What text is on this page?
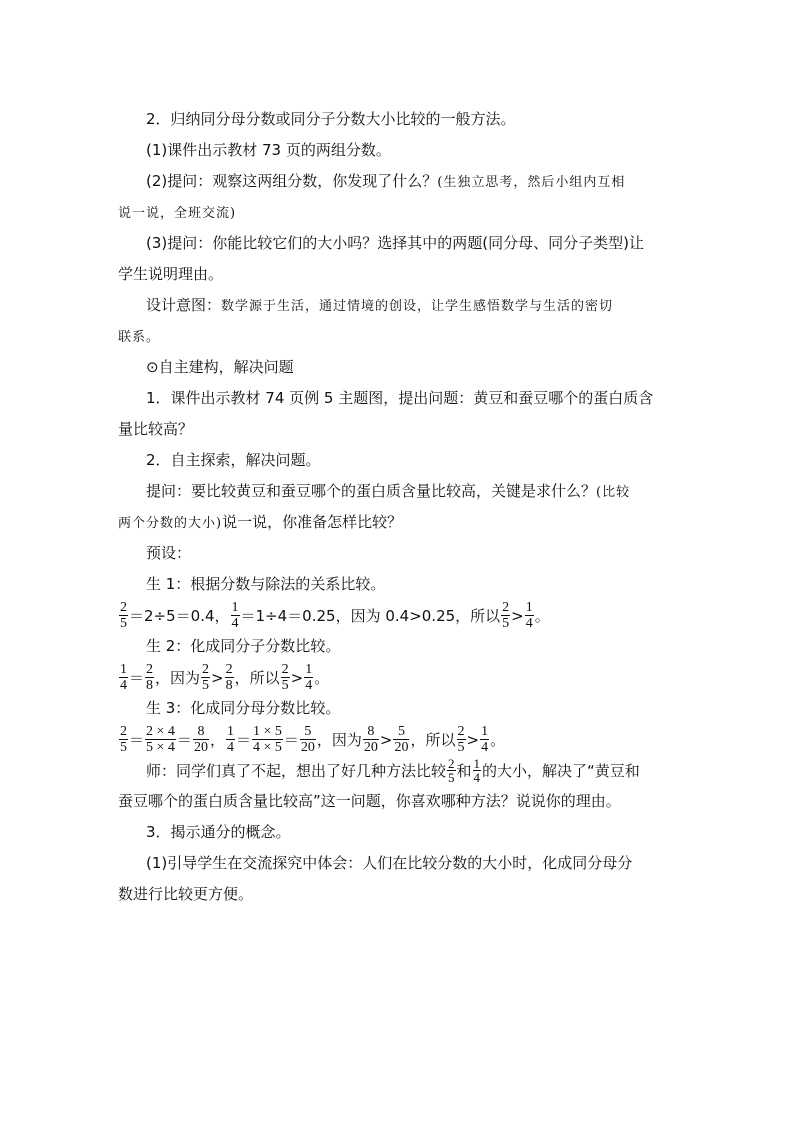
2．归纳同分母分数或同分子分数大小比较的一般方法。
(1)课件出示教材 73 页的两组分数。
(2)提问：观察这两组分数，你发现了什么？(生独立思考，然后小组内互相
说一说，全班交流)
(3)提问：你能比较它们的大小吗？选择其中的两题(同分母、同分子类型)让
学生说明理由。
设计意图：数学源于生活，通过情境的创设，让学生感悟数学与生活的密切
联系。
⊙自主建构，解决问题
1．课件出示教材 74 页例 5 主题图，提出问题：黄豆和蚕豆哪个的蛋白质含
量比较高？
2．自主探索，解决问题。
提问：要比较黄豆和蚕豆哪个的蛋白质含量比较高，关键是求什么？(比较
两个分数的大小)说一说，你准备怎样比较？
预设：
生 1：根据分数与除法的关系比较。
$\frac{2}{5} =2\div 5=0.4$， $\frac{1}{4} =1\div 4=0.25$，因为 0.4>0.25，所以 $\frac{2}{5} > \frac{1}{4}$ 。
生 2：化成同分子分数比较。
$\frac{1}{4} = \frac{2}{8}$ ，因为 $\frac{2}{5} > \frac{2}{8}$ ，所以 $\frac{2}{5} > \frac{1}{4}$ 。
生 3：化成同分母分数比较。
$\frac{2}{5} = \frac{2 \times 4}{5 \times 4} = \frac{8}{20}$ ， $\frac{1}{4} = \frac{1 \times 5}{4 \times 5} = \frac{5}{20}$ ，因为 $\frac{8}{20} > \frac{5}{20}$ ，所以 $\frac{2}{5} > \frac{1}{4}$ 。
师：同学们真了不起，想出了好几种方法比较 $\frac{2}{5}$ 和 $\frac{1}{4}$ 的大小，解决了“黄豆和
蚕豆哪个的蛋白质含量比较高”这一问题，你喜欢哪种方法？说说你的理由。
3．揭示通分的概念。
(1)引导学生在交流探究中体会：人们在比较分数的大小时，化成同分母分
数进行比较更方便。
